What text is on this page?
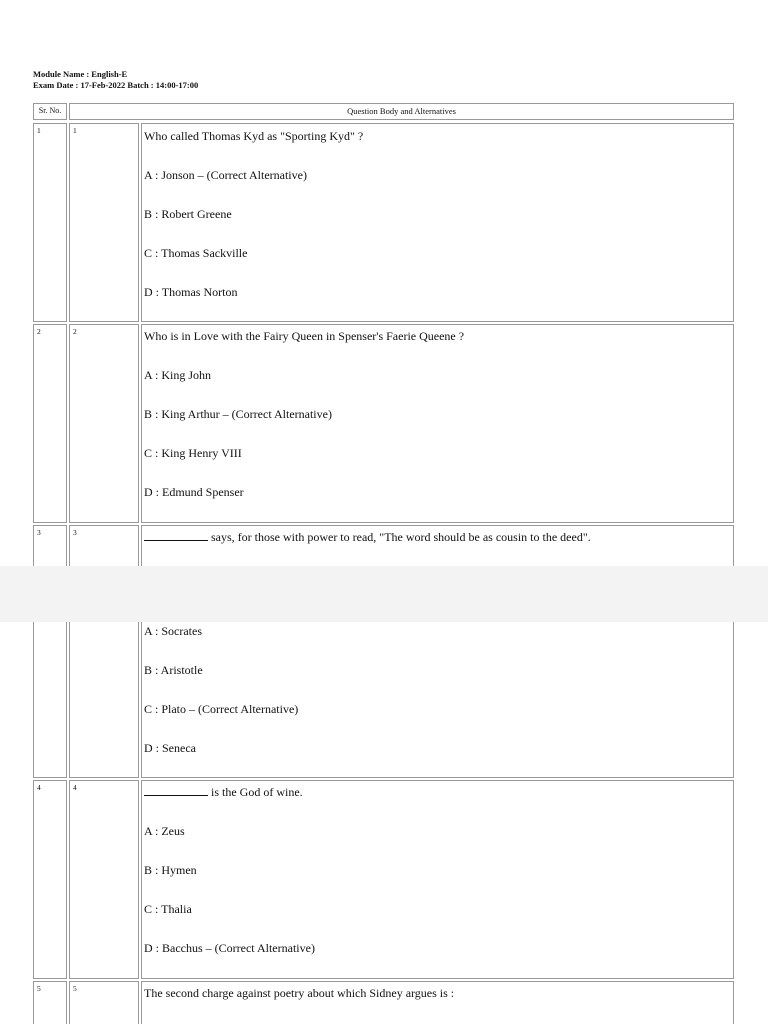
Module Name : English-E
Exam Date : 17-Feb-2022 Batch : 14:00-17:00
Sr. No.	Question Body and Alternatives
1	1	Who called Thomas Kyd as "Sporting Kyd" ?
A : Jonson – (Correct Alternative)
B : Robert Greene
C : Thomas Sackville
D : Thomas Norton
2	2	Who is in Love with the Fairy Queen in Spenser's Faerie Queene ?
A : King John
B : King Arthur – (Correct Alternative)
C : King Henry VIII
D : Edmund Spenser
3	3	says, for those with power to read, "The word should be as cousin to the deed".
A : Socrates
B : Aristotle
C : Plato – (Correct Alternative)
D : Seneca
4	4	is the God of wine.
A : Zeus
B : Hymen
C : Thalia
D : Bacchus – (Correct Alternative)
5	5	The second charge against poetry about which Sidney argues is :
